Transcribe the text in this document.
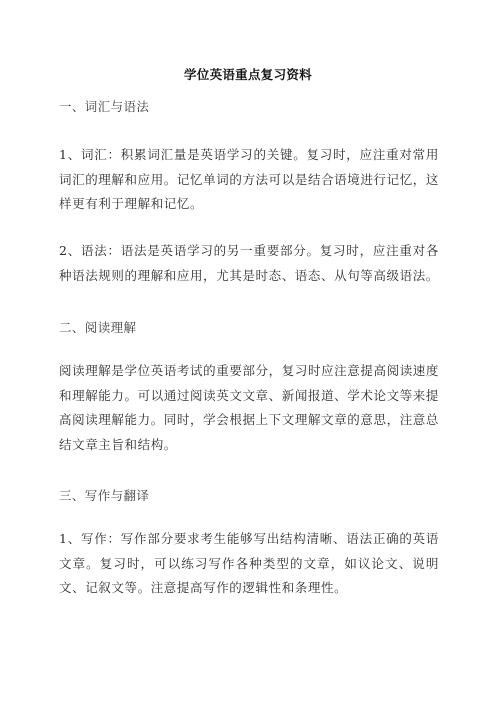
学位英语重点复习资料
一、词汇与语法
1、词汇：积累词汇量是英语学习的关键。复习时，应注重对常用词汇的理解和应用。记忆单词的方法可以是结合语境进行记忆，这样更有利于理解和记忆。
2、语法：语法是英语学习的另一重要部分。复习时，应注重对各种语法规则的理解和应用，尤其是时态、语态、从句等高级语法。
二、阅读理解
阅读理解是学位英语考试的重要部分，复习时应注意提高阅读速度和理解能力。可以通过阅读英文文章、新闻报道、学术论文等来提高阅读理解能力。同时，学会根据上下文理解文章的意思，注意总结文章主旨和结构。
三、写作与翻译
1、写作：写作部分要求考生能够写出结构清晰、语法正确的英语文章。复习时，可以练习写作各种类型的文章，如议论文、说明文、记叙文等。注意提高写作的逻辑性和条理性。
